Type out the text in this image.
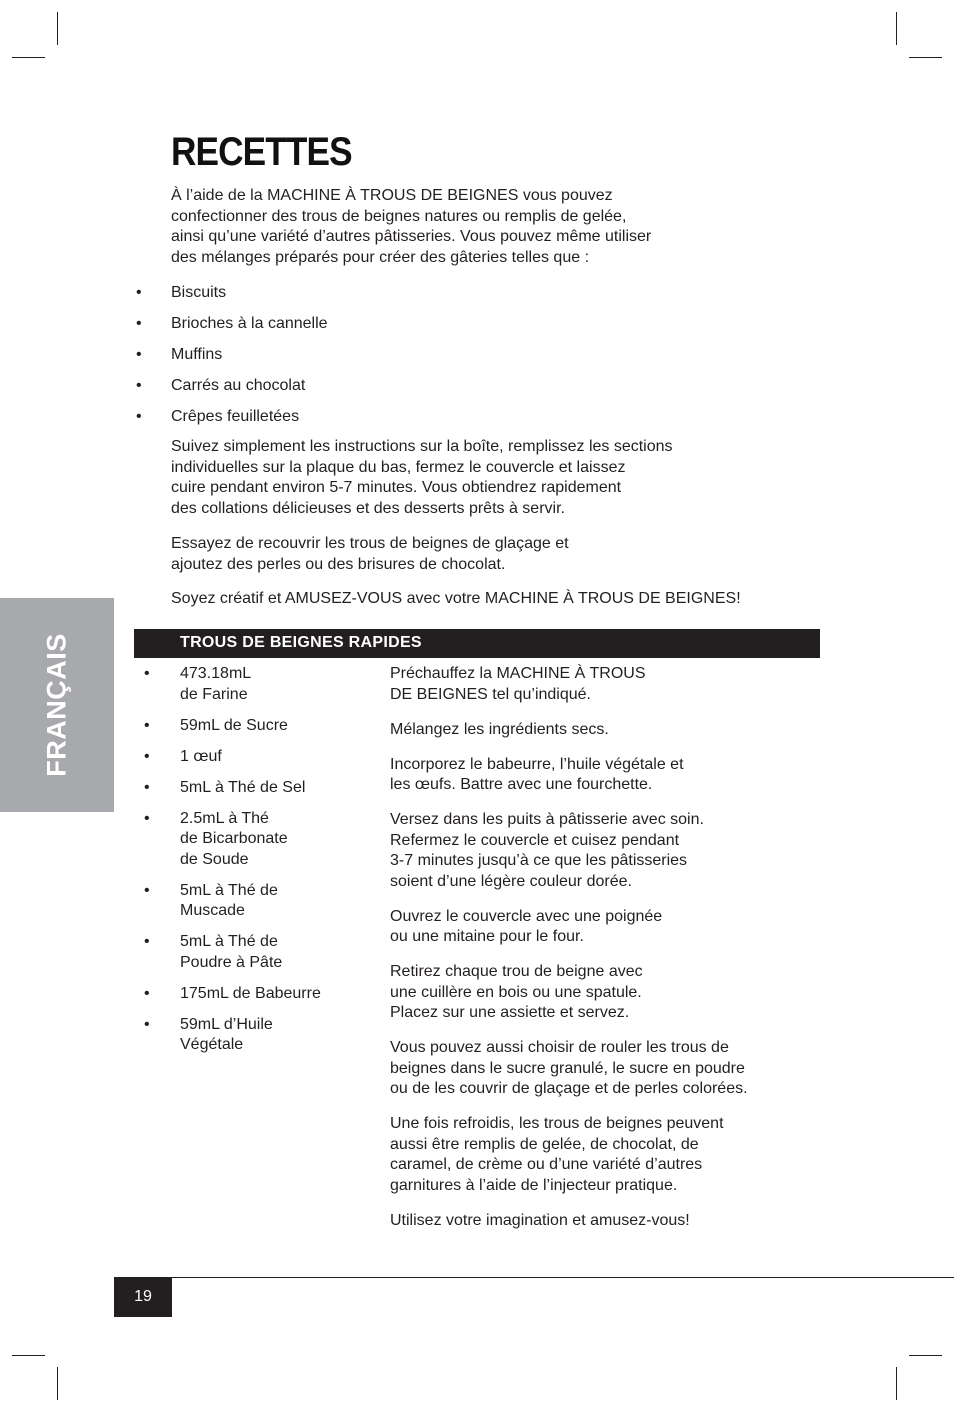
RECETTES

À l’aide de la MACHINE À TROUS DE BEIGNES vous pouvez
confectionner des trous de beignes natures ou remplis de gelée,
ainsi qu’une variété d’autres pâtisseries. Vous pouvez même utiliser
des mélanges préparés pour créer des gâteries telles que :

• Biscuits
• Brioches à la cannelle
• Muffins
• Carrés au chocolat
• Crêpes feuilletées

Suivez simplement les instructions sur la boîte, remplissez les sections
individuelles sur la plaque du bas, fermez le couvercle et laissez
cuire pendant environ 5-7 minutes. Vous obtiendrez rapidement
des collations délicieuses et des desserts prêts à servir.

Essayez de recouvrir les trous de beignes de glaçage et
ajoutez des perles ou des brisures de chocolat.

Soyez créatif et AMUSEZ-VOUS avec votre MACHINE À TROUS DE BEIGNES!

FRANÇAIS	TROUS DE BEIGNES RAPIDES
• 473.18mL
de Farine
• 59mL de Sucre
• 1 œuf
• 5mL à Thé de Sel
• 2.5mL à Thé
de Bicarbonate
de Soude
• 5mL à Thé de
Muscade
• 5mL à Thé de
Poudre à Pâte
• 175mL de Babeurre
• 59mL d’Huile
Végétale

Préchauffez la MACHINE À TROUS
DE BEIGNES tel qu’indiqué.

Mélangez les ingrédients secs.

Incorporez le babeurre, l’huile végétale et
les œufs. Battre avec une fourchette.

Versez dans les puits à pâtisserie avec soin.
Refermez le couvercle et cuisez pendant
3-7 minutes jusqu’à ce que les pâtisseries
soient d’une légère couleur dorée.

Ouvrez le couvercle avec une poignée
ou une mitaine pour le four.

Retirez chaque trou de beigne avec
une cuillère en bois ou une spatule.
Placez sur une assiette et servez.

Vous pouvez aussi choisir de rouler les trous de
beignes dans le sucre granulé, le sucre en poudre
ou de les couvrir de glaçage et de perles colorées.

Une fois refroidis, les trous de beignes peuvent
aussi être remplis de gelée, de chocolat, de
caramel, de crème ou d’une variété d’autres
garnitures à l’aide de l’injecteur pratique.

Utilisez votre imagination et amusez-vous!

19
